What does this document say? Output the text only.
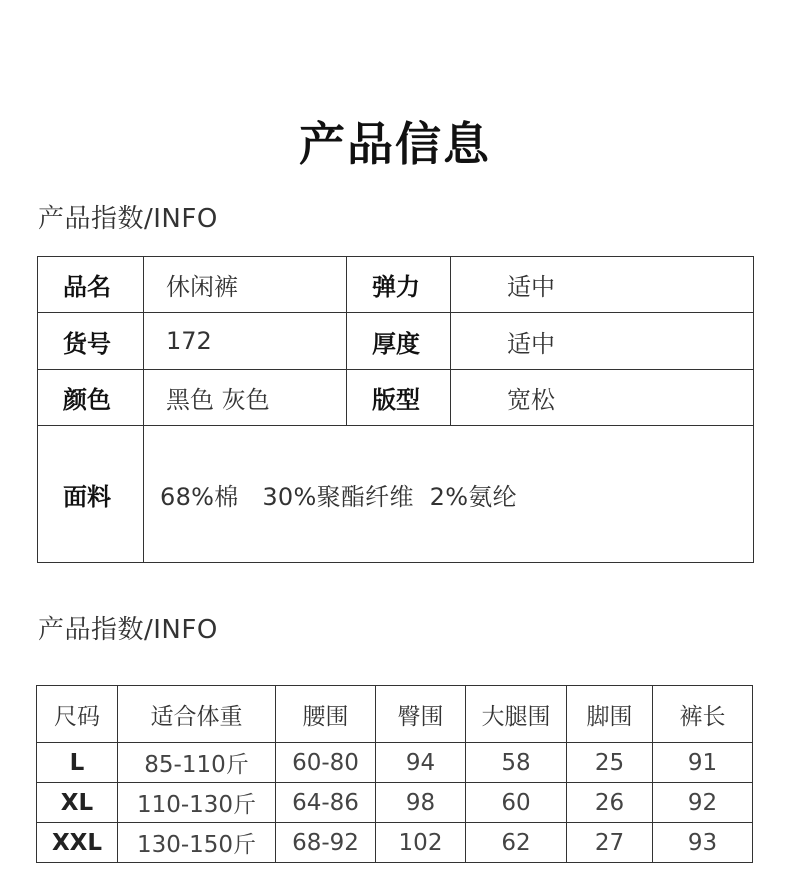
产品信息
产品指数/INFO
品名	休闲裤	弹力	适中
货号	172	厚度	适中
颜色	黑色 灰色	版型	宽松
面料	68%棉   30%聚酯纤维  2%氨纶		
产品指数/INFO
尺码	适合体重	腰围	臀围	大腿围	脚围	裤长
L	85-110斤	60-80	94	58	25	91
XL	110-130斤	64-86	98	60	26	92
XXL	130-150斤	68-92	102	62	27	93
